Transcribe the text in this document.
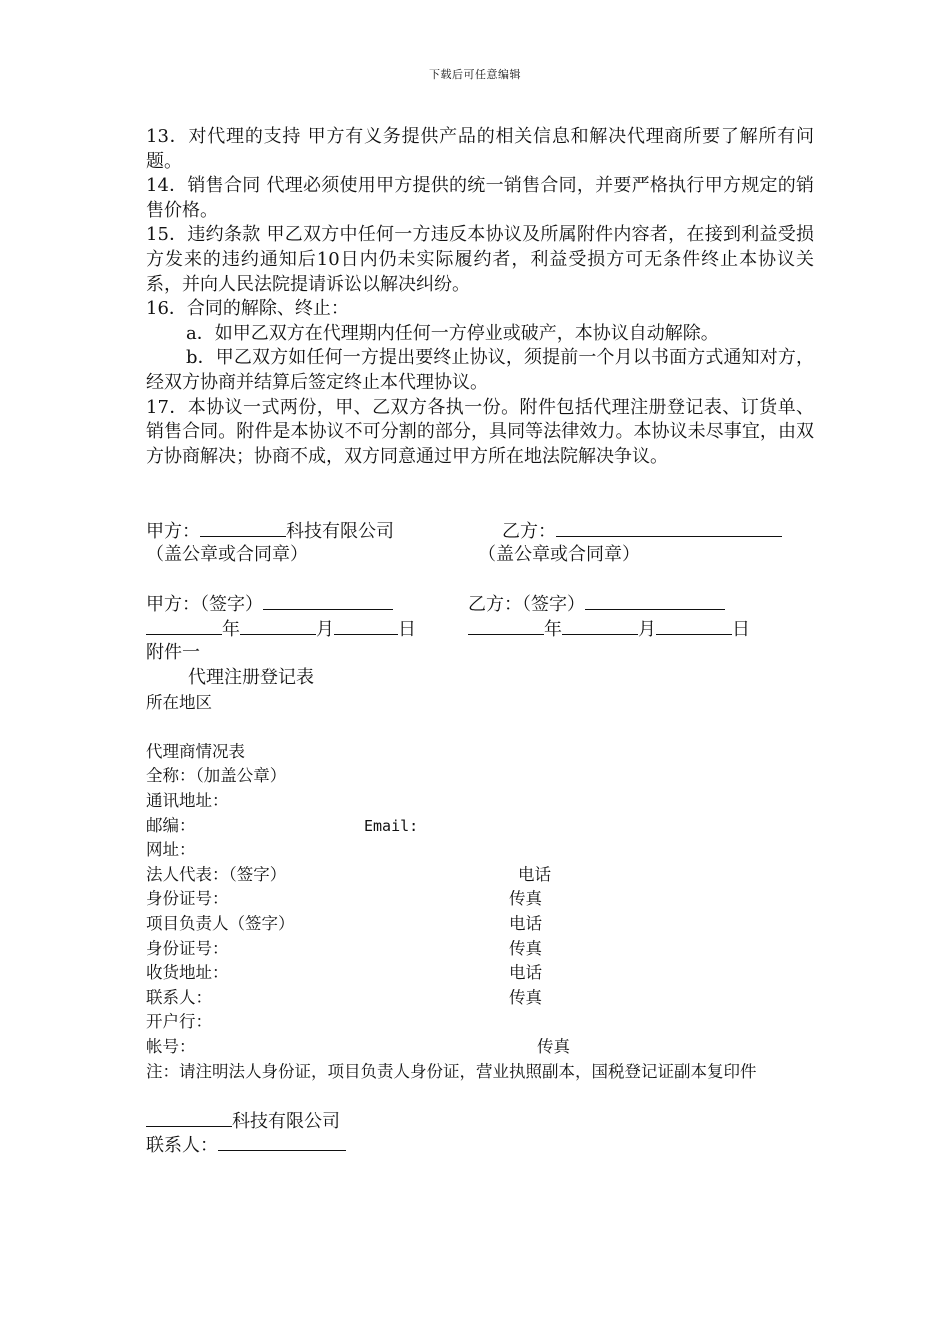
下载后可任意编辑

13．对代理的支持 甲方有义务提供产品的相关信息和解决代理商所要了解所有问题。

14．销售合同 代理必须使用甲方提供的统一销售合同，并要严格执行甲方规定的销售价格。

15．违约条款 甲乙双方中任何一方违反本协议及所属附件内容者，在接到利益受损方发来的违约通知后10日内仍未实际履约者，利益受损方可无条件终止本协议关系，并向人民法院提请诉讼以解决纠纷。

16．合同的解除、终止：

a．如甲乙双方在代理期内任何一方停业或破产，本协议自动解除。

b．甲乙双方如任何一方提出要终止协议，须提前一个月以书面方式通知对方，经双方协商并结算后签定终止本代理协议。

17．本协议一式两份，甲、乙双方各执一份。附件包括代理注册登记表、订货单、销售合同。附件是本协议不可分割的部分，具同等法律效力。本协议未尽事宜，由双方协商解决；协商不成，双方同意通过甲方所在地法院解决争议。

甲方：	科技有限公司	乙方：
（盖公章或合同章）	（盖公章或合同章）
甲方：（签字）	乙方：（签字）
年	月	日	年	月	日
附件一
代理注册登记表
所在地区
代理商情况表
全称：（加盖公章）
通讯地址：
邮编：	Email:
网址：
法人代表：（签字）	电话
身份证号：	传真
项目负责人（签字）	电话
身份证号：	传真
收货地址：	电话
联系人：	传真
开户行：
帐号：	传真

注：请注明法人身份证，项目负责人身份证，营业执照副本，国税登记证副本复印件

科技有限公司
联系人：
